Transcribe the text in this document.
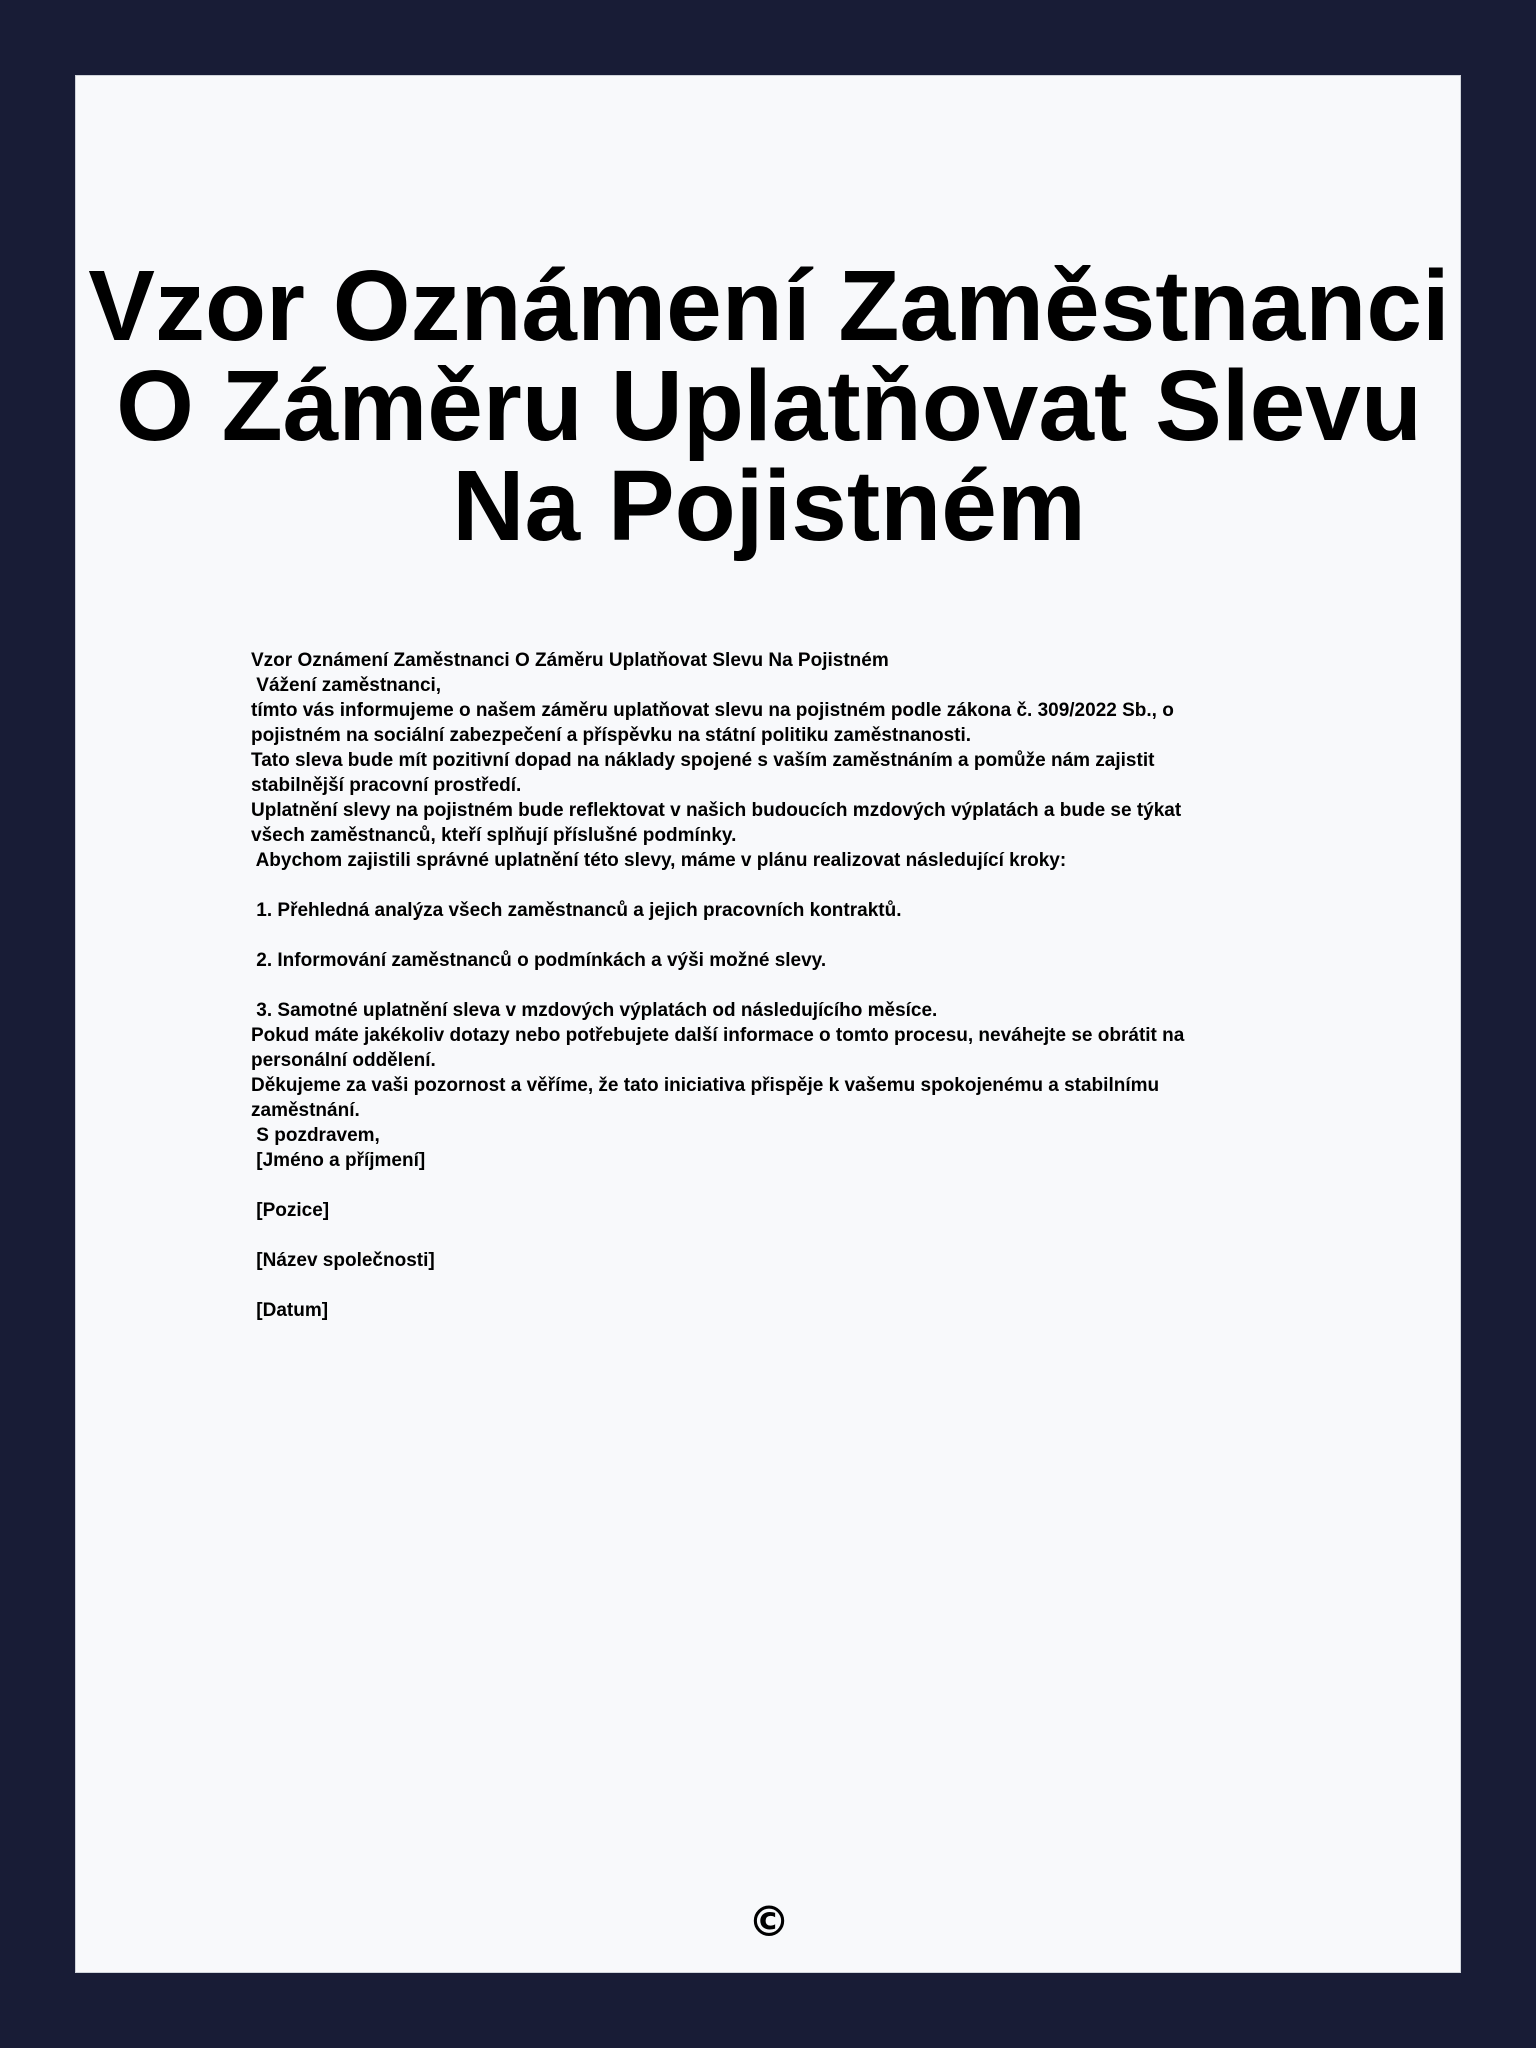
Vzor Oznámení Zaměstnanci
O Záměru Uplatňovat Slevu
Na Pojistném
Vzor Oznámení Zaměstnanci O Záměru Uplatňovat Slevu Na Pojistném
Vážení zaměstnanci,
tímto vás informujeme o našem záměru uplatňovat slevu na pojistném podle zákona č. 309/2022 Sb., o
pojistném na sociální zabezpečení a příspěvku na státní politiku zaměstnanosti.
Tato sleva bude mít pozitivní dopad na náklady spojené s vaším zaměstnáním a pomůže nám zajistit
stabilnější pracovní prostředí.
Uplatnění slevy na pojistném bude reflektovat v našich budoucích mzdových výplatách a bude se týkat
všech zaměstnanců, kteří splňují příslušné podmínky.
Abychom zajistili správné uplatnění této slevy, máme v plánu realizovat následující kroky:
1. Přehledná analýza všech zaměstnanců a jejich pracovních kontraktů.
2. Informování zaměstnanců o podmínkách a výši možné slevy.
3. Samotné uplatnění sleva v mzdových výplatách od následujícího měsíce.
Pokud máte jakékoliv dotazy nebo potřebujete další informace o tomto procesu, neváhejte se obrátit na
personální oddělení.
Děkujeme za vaši pozornost a věříme, že tato iniciativa přispěje k vašemu spokojenému a stabilnímu
zaměstnání.
S pozdravem,
[Jméno a příjmení]
[Pozice]
[Název společnosti]
[Datum]
©
